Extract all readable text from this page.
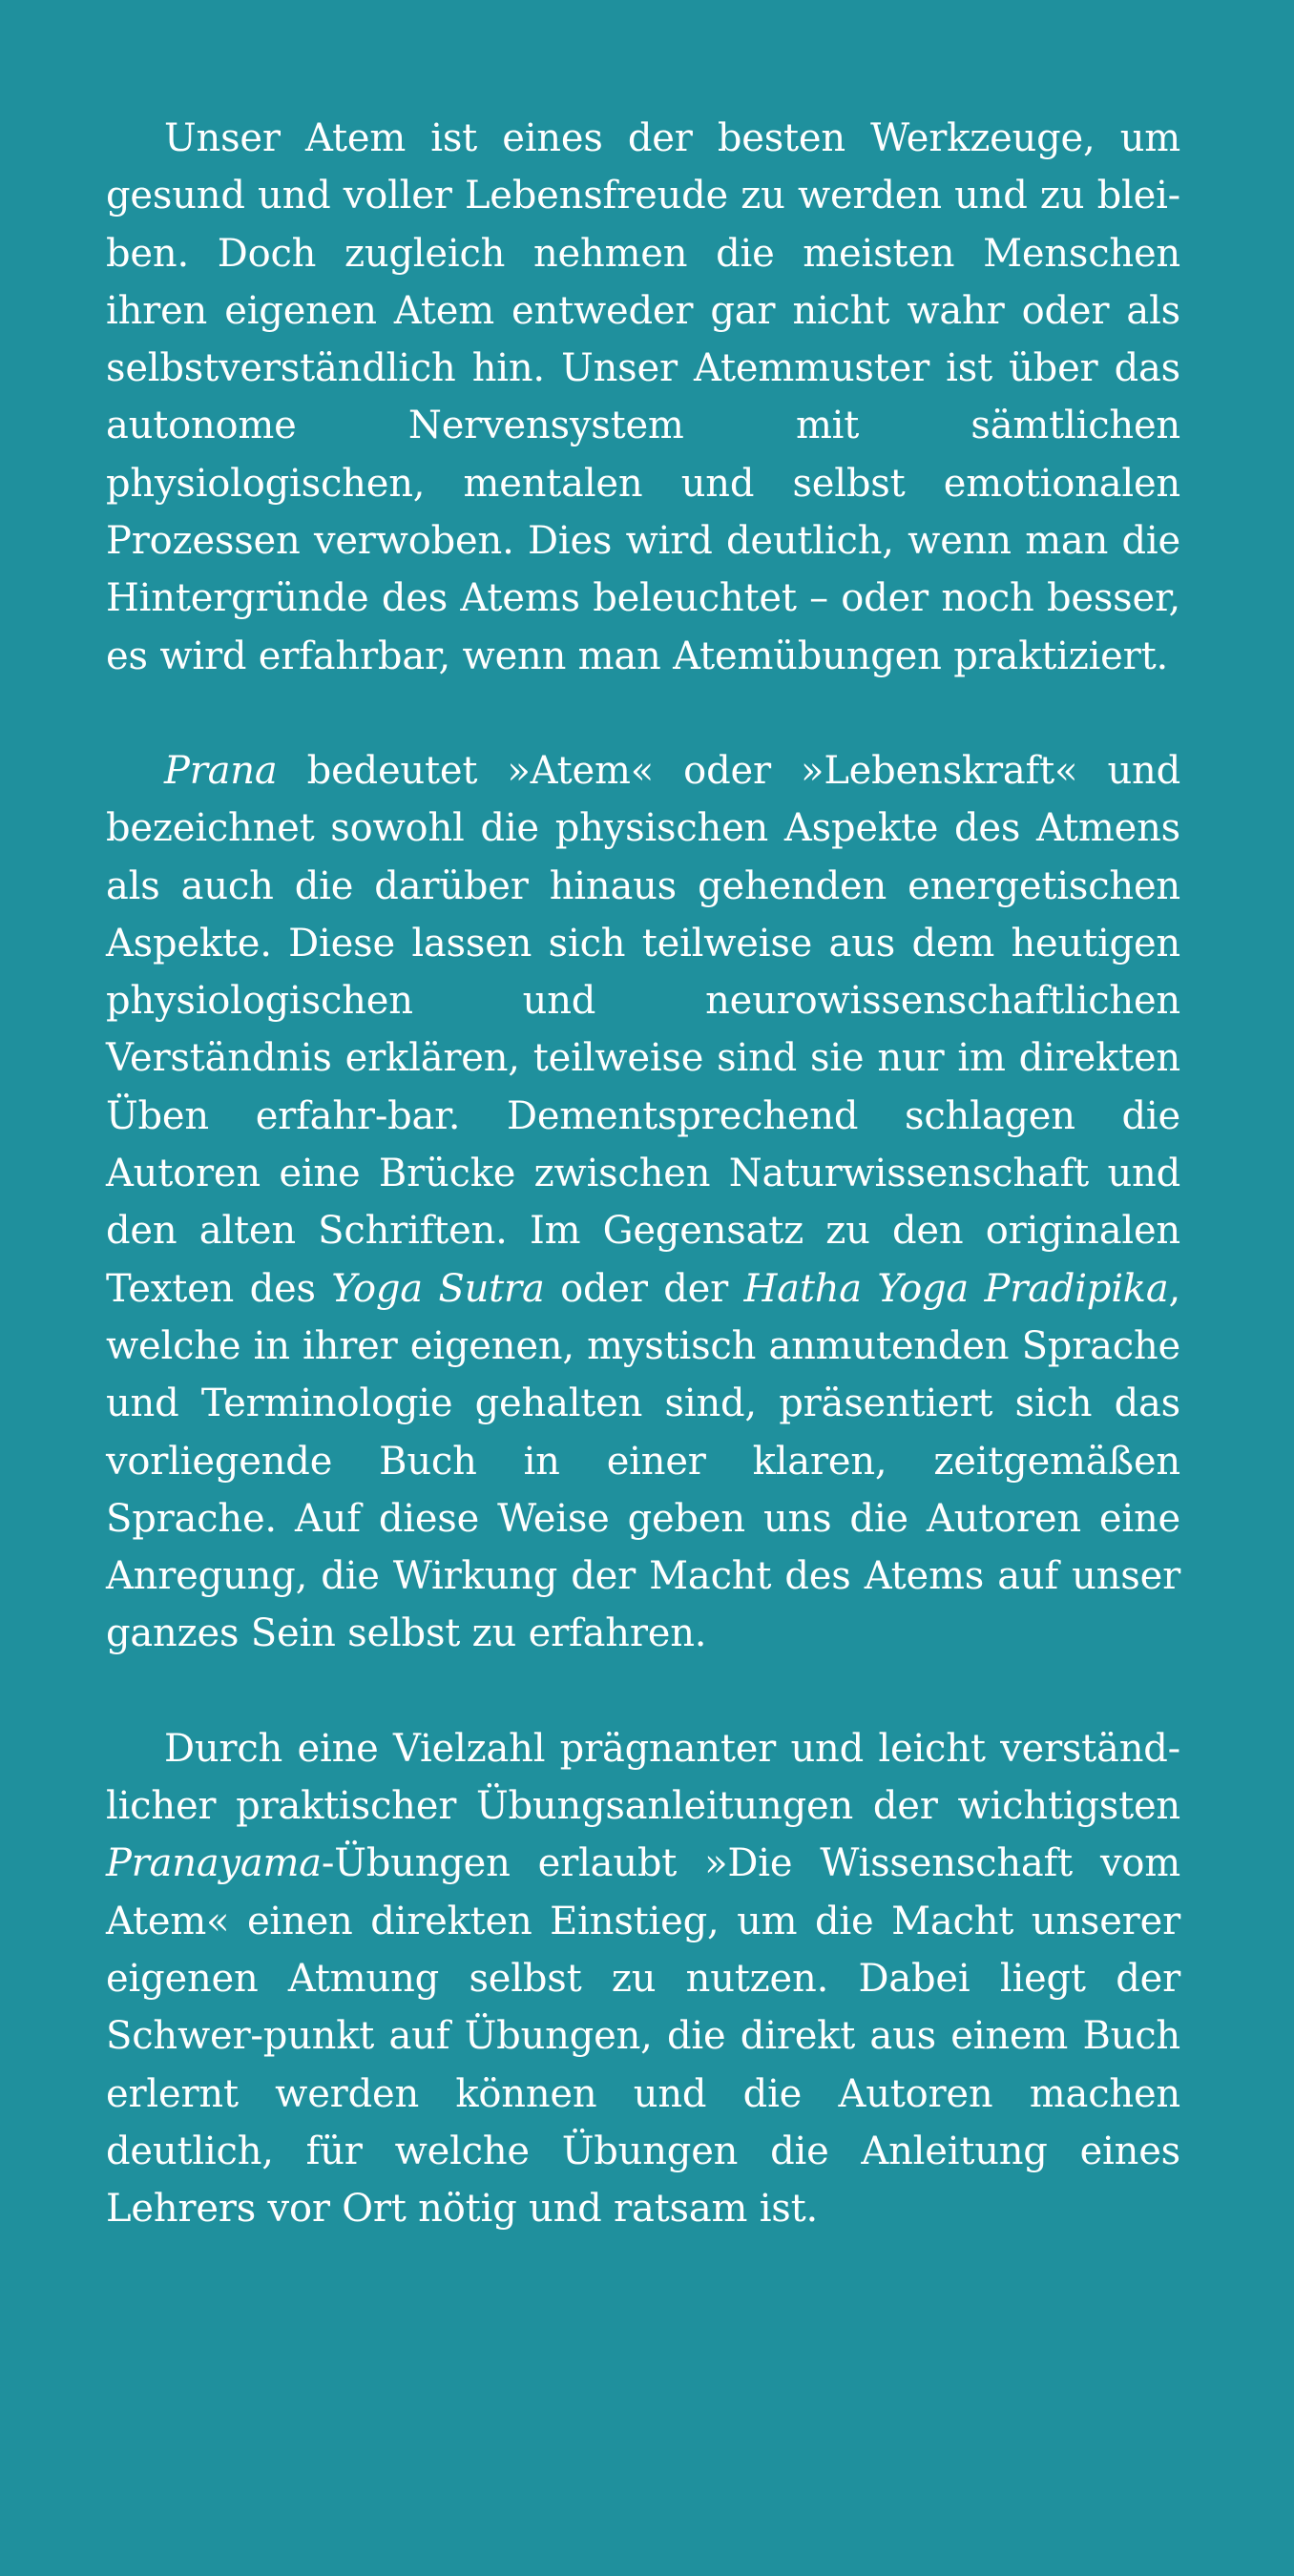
Unser Atem ist eines der besten Werkzeuge, um gesund und voller Lebensfreude zu werden und zu blei-ben. Doch zugleich nehmen die meisten Menschen ihren eigenen Atem entweder gar nicht wahr oder als selbstverständlich hin. Unser Atemmuster ist über das autonome Nervensystem mit sämtlichen physiologischen, mentalen und selbst emotionalen Prozessen verwoben. Dies wird deutlich, wenn man die Hintergründe des Atems beleuchtet – oder noch besser, es wird erfahrbar, wenn man Atemübungen praktiziert.

Prana bedeutet »Atem« oder »Lebenskraft« und bezeichnet sowohl die physischen Aspekte des Atmens als auch die darüber hinaus gehenden energetischen Aspekte. Diese lassen sich teilweise aus dem heutigen physiologischen und neurowissenschaftlichen Verständnis erklären, teilweise sind sie nur im direkten Üben erfahr-bar. Dementsprechend schlagen die Autoren eine Brücke zwischen Naturwissenschaft und den alten Schriften. Im Gegensatz zu den originalen Texten des Yoga Sutra oder der Hatha Yoga Pradipika, welche in ihrer eigenen, mystisch anmutenden Sprache und Terminologie gehalten sind, präsentiert sich das vorliegende Buch in einer klaren, zeitgemäßen Sprache. Auf diese Weise geben uns die Autoren eine Anregung, die Wirkung der Macht des Atems auf unser ganzes Sein selbst zu erfahren.

Durch eine Vielzahl prägnanter und leicht verständ-licher praktischer Übungsanleitungen der wichtigsten Pranayama-Übungen erlaubt »Die Wissenschaft vom Atem« einen direkten Einstieg, um die Macht unserer eigenen Atmung selbst zu nutzen. Dabei liegt der Schwer-punkt auf Übungen, die direkt aus einem Buch erlernt werden können und die Autoren machen deutlich, für welche Übungen die Anleitung eines Lehrers vor Ort nötig und ratsam ist.
